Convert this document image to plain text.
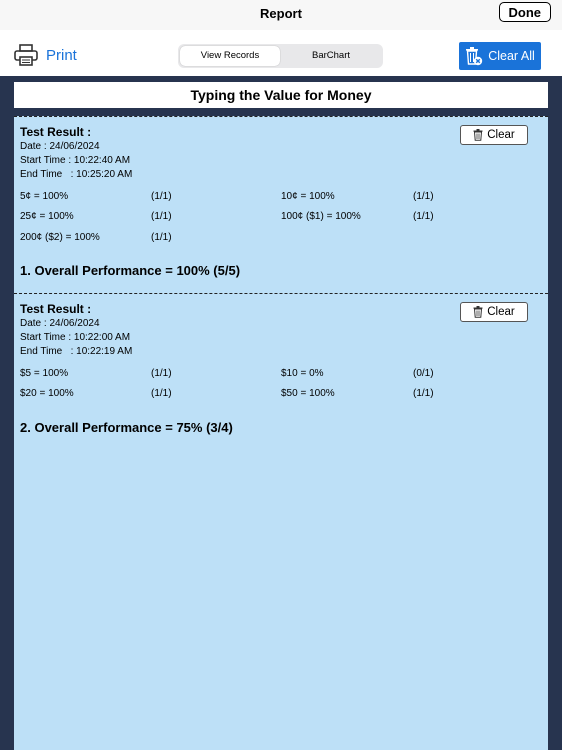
Report	Done
Print	View Records	BarChart	Clear All
Typing the Value for Money
Test Result :
Date : 24/06/2024
Start Time : 10:22:40 AM
End Time   : 10:25:20 AM
Clear
5¢ = 100%	(1/1)	10¢ = 100%	(1/1)
25¢ = 100%	(1/1)	100¢ ($1) = 100%	(1/1)
200¢ ($2) = 100%	(1/1)
1. Overall Performance = 100% (5/5)
Test Result :
Date : 24/06/2024
Start Time : 10:22:00 AM
End Time   : 10:22:19 AM
Clear
$5 = 100%	(1/1)	$10 = 0%	(0/1)
$20 = 100%	(1/1)	$50 = 100%	(1/1)
2. Overall Performance = 75% (3/4)
